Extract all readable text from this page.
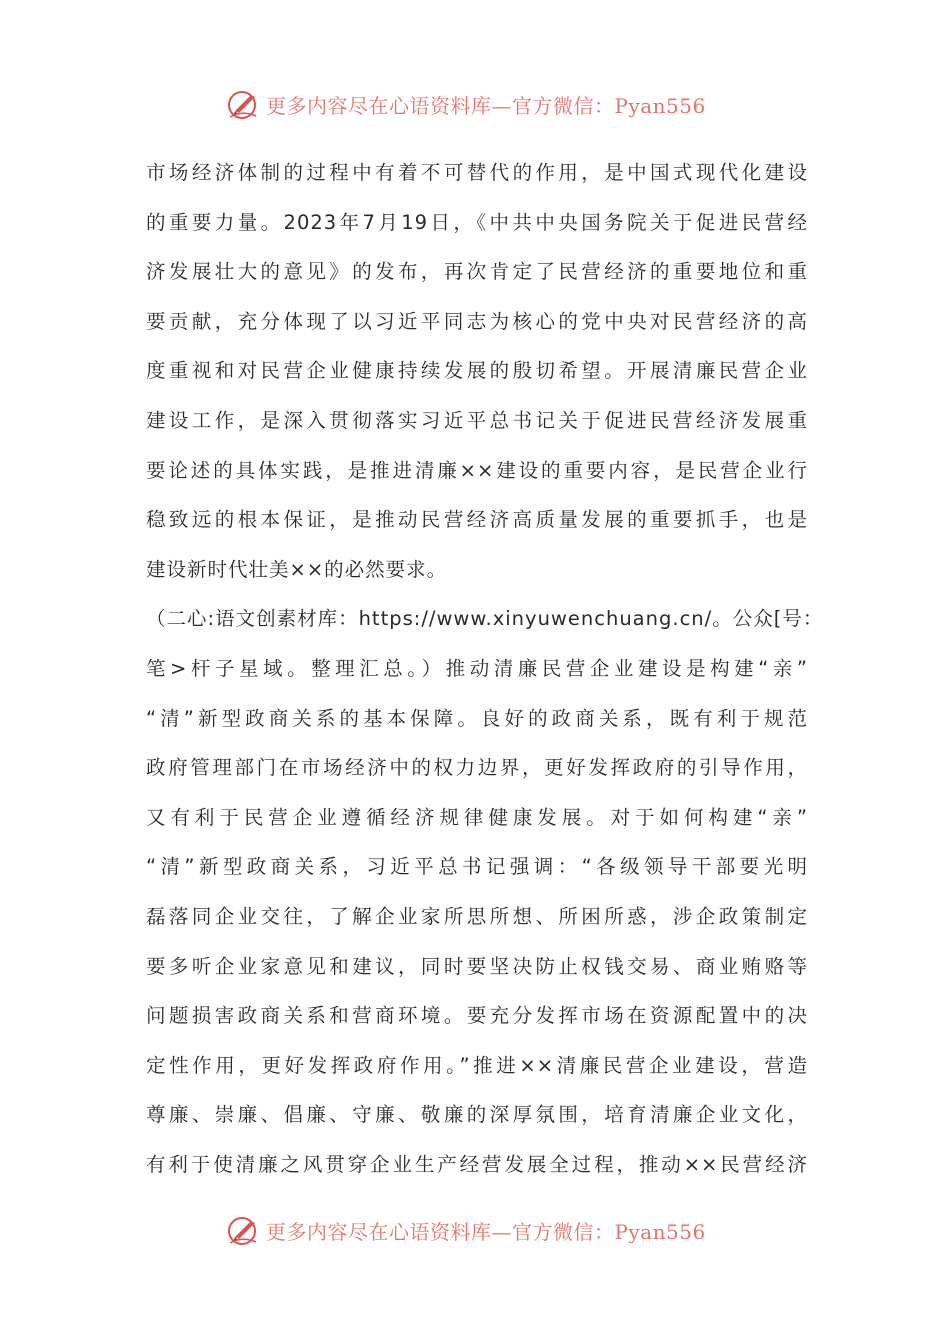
更多内容尽在心语资料库—官方微信：Pyan556
市场经济体制的过程中有着不可替代的作用，是中国式现代化建设
的重要力量。2023年7月19日，《中共中央国务院关于促进民营经
济发展壮大的意见》的发布，再次肯定了民营经济的重要地位和重
要贡献，充分体现了以习近平同志为核心的党中央对民营经济的高
度重视和对民营企业健康持续发展的殷切希望。开展清廉民营企业
建设工作，是深入贯彻落实习近平总书记关于促进民营经济发展重
要论述的具体实践，是推进清廉××建设的重要内容，是民营企业行
稳致远的根本保证，是推动民营经济高质量发展的重要抓手，也是
建设新时代壮美××的必然要求。
（二心:语文创素材库：https://www.xinyuwenchuang.cn/。公众[号：
笔>杆子星域。整理汇总。）推动清廉民营企业建设是构建“亲”
“清”新型政商关系的基本保障。良好的政商关系，既有利于规范
政府管理部门在市场经济中的权力边界，更好发挥政府的引导作用，
又有利于民营企业遵循经济规律健康发展。对于如何构建“亲”
“清”新型政商关系，习近平总书记强调：“各级领导干部要光明
磊落同企业交往，了解企业家所思所想、所困所惑，涉企政策制定
要多听企业家意见和建议，同时要坚决防止权钱交易、商业贿赂等
问题损害政商关系和营商环境。要充分发挥市场在资源配置中的决
定性作用，更好发挥政府作用。”推进××清廉民营企业建设，营造
尊廉、崇廉、倡廉、守廉、敬廉的深厚氛围，培育清廉企业文化，
有利于使清廉之风贯穿企业生产经营发展全过程，推动××民营经济
更多内容尽在心语资料库—官方微信：Pyan556
